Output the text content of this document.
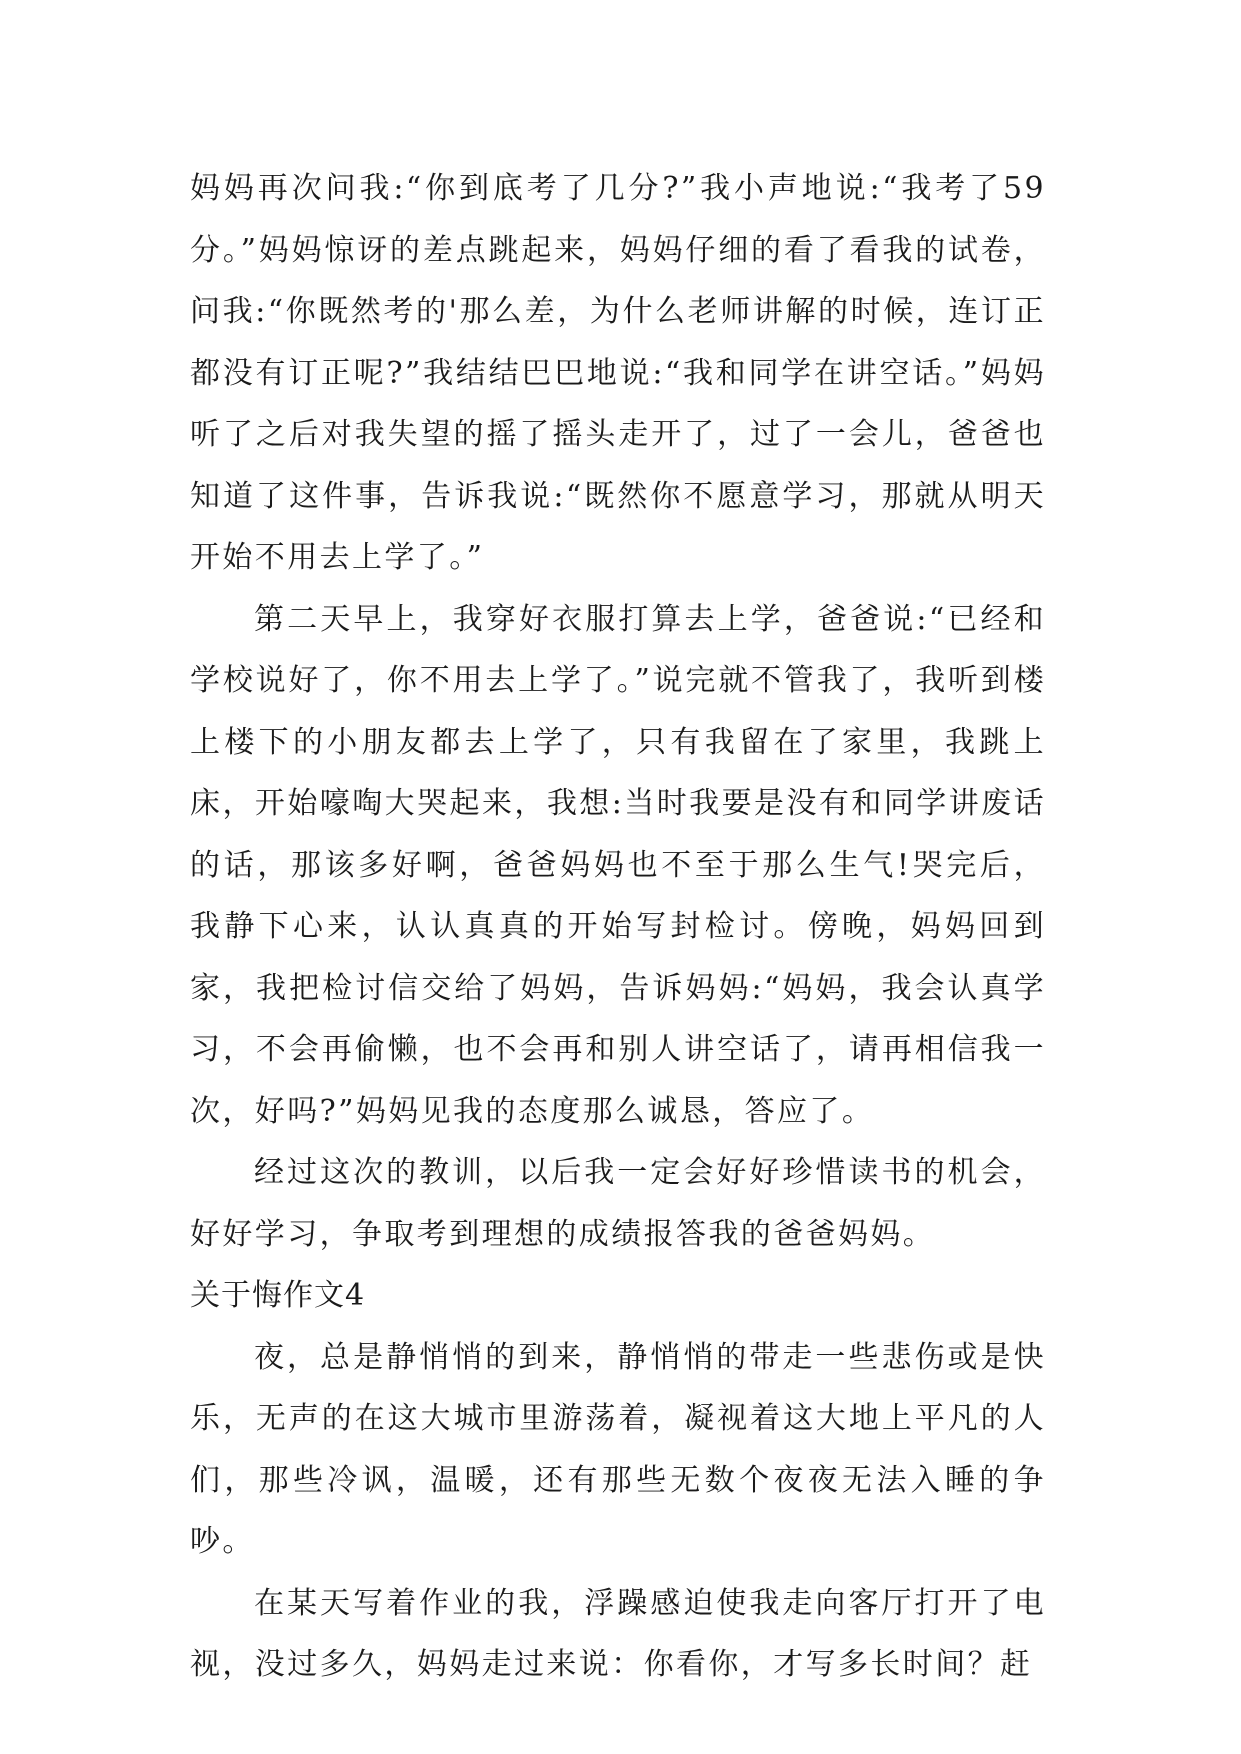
妈妈再次问我:“你到底考了几分?”我小声地说:“我考了59分。”妈妈惊讶的差点跳起来，妈妈仔细的看了看我的试卷，问我:“你既然考的'那么差，为什么老师讲解的时候，连订正都没有订正呢?”我结结巴巴地说:“我和同学在讲空话。”妈妈听了之后对我失望的摇了摇头走开了，过了一会儿，爸爸也知道了这件事，告诉我说:“既然你不愿意学习，那就从明天开始不用去上学了。”

第二天早上，我穿好衣服打算去上学，爸爸说:“已经和学校说好了，你不用去上学了。”说完就不管我了，我听到楼上楼下的小朋友都去上学了，只有我留在了家里，我跳上床，开始嚎啕大哭起来，我想:当时我要是没有和同学讲废话的话，那该多好啊，爸爸妈妈也不至于那么生气!哭完后，我静下心来，认认真真的开始写封检讨。傍晚，妈妈回到家，我把检讨信交给了妈妈，告诉妈妈:“妈妈，我会认真学习，不会再偷懒，也不会再和别人讲空话了，请再相信我一次，好吗?”妈妈见我的态度那么诚恳，答应了。

经过这次的教训，以后我一定会好好珍惜读书的机会，好好学习，争取考到理想的成绩报答我的爸爸妈妈。

关于悔作文4

夜，总是静悄悄的到来，静悄悄的带走一些悲伤或是快乐，无声的在这大城市里游荡着，凝视着这大地上平凡的人们，那些冷讽，温暖，还有那些无数个夜夜无法入睡的争吵。

在某天写着作业的我，浮躁感迫使我走向客厅打开了电视，没过多久，妈妈走过来说：你看你，才写多长时间？赶
